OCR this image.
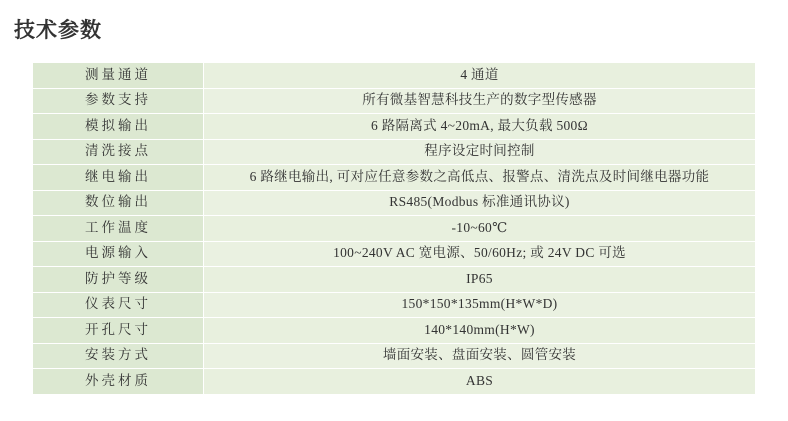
技术参数
测量通道	4 通道
参数支持	所有微基智慧科技生产的数字型传感器
模拟输出	6 路隔离式 4~20mA, 最大负载 500Ω
清洗接点	程序设定时间控制
继电输出	6 路继电输出, 可对应任意参数之高低点、报警点、清洗点及时间继电器功能
数位输出	RS485(Modbus 标准通讯协议)
工作温度	-10~60℃
电源输入	100~240V AC 宽电源、50/60Hz; 或 24V DC 可选
防护等级	IP65
仪表尺寸	150*150*135mm(H*W*D)
开孔尺寸	140*140mm(H*W)
安装方式	墙面安装、盘面安装、圆管安装
外壳材质	ABS
